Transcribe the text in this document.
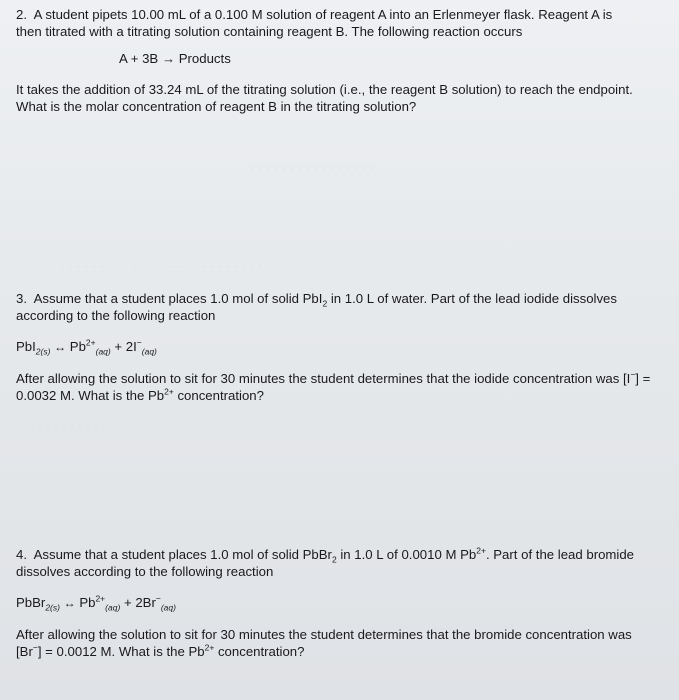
· · · · · · · · · · · · · · · ·
· · · · · · · · · · · · · · · · · · · · · · · · · ·
· · · · · · · · · ·
2. A student pipets 10.00 mL of a 0.100 M solution of reagent A into an Erlenmeyer flask. Reagent A is
then titrated with a titrating solution containing reagent B. The following reaction occurs
A + 3B → Products
It takes the addition of 33.24 mL of the titrating solution (i.e., the reagent B solution) to reach the endpoint.
What is the molar concentration of reagent B in the titrating solution?
3. Assume that a student places 1.0 mol of solid PbI$_2$ in 1.0 L of water. Part of the lead iodide dissolves
according to the following reaction
PbI$_{2(s)}$ ↔ $Pb^{2+}_{(aq)} + 2I^-_{(aq)}$
After allowing the solution to sit for 30 minutes the student determines that the iodide concentration was [I−] =
0.0032 M. What is the $Pb^{2+}$ concentration?
4. Assume that a student places 1.0 mol of solid PbBr$_2$ in 1.0 L of 0.0010 M $Pb^{2+}$. Part of the lead bromide
dissolves according to the following reaction
PbBr$_{2(s)}$ ↔ $Pb^{2+}_{(aq)} + 2Br^-_{(aq)}$
After allowing the solution to sit for 30 minutes the student determines that the bromide concentration was
[Br−] = 0.0012 M. What is the $Pb^{2+}$ concentration?
